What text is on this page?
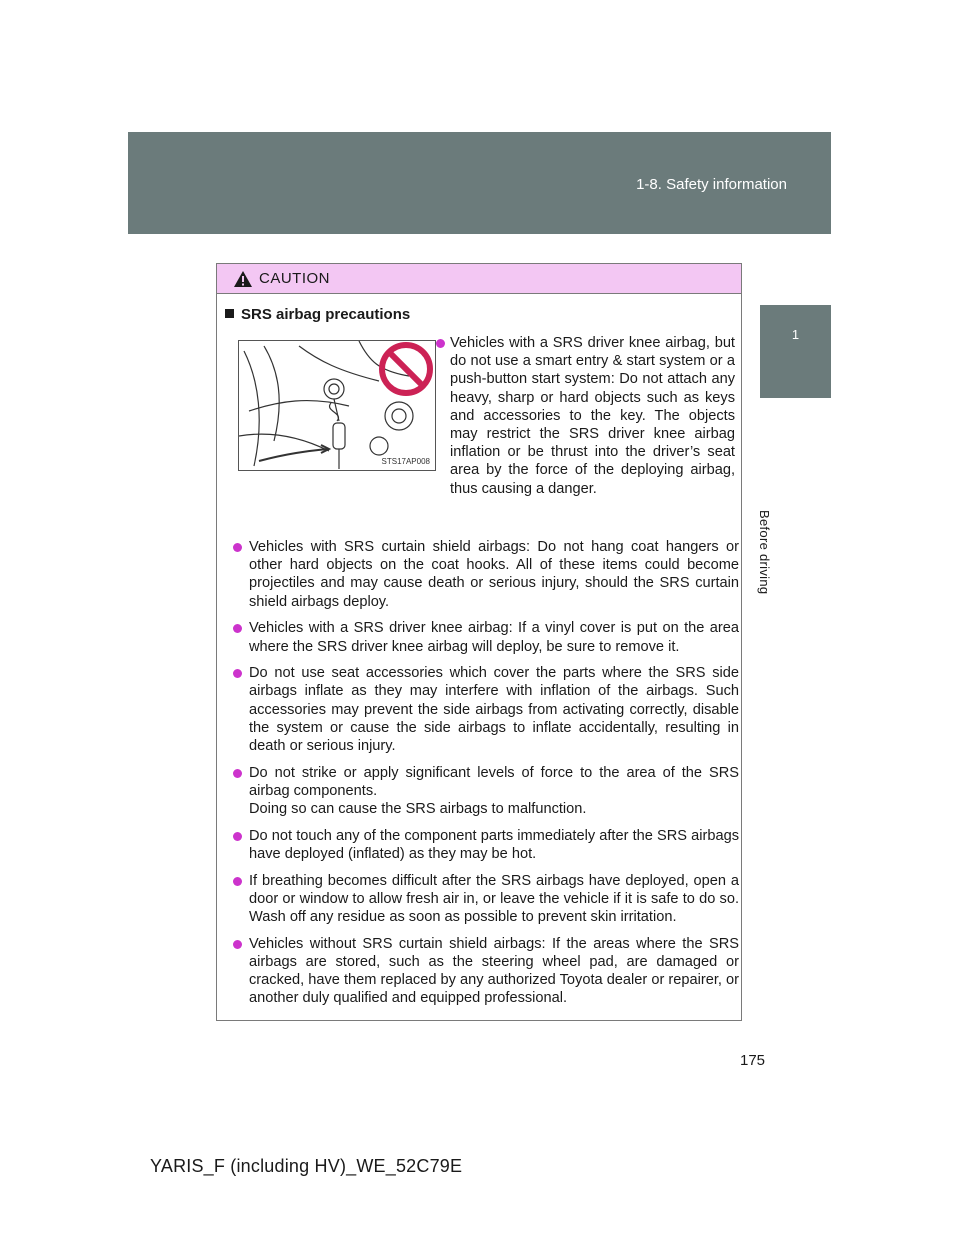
1-8. Safety information
1
Before driving
CAUTION
SRS airbag precautions
STS17AP008
Vehicles with a SRS driver knee airbag, but do not use a smart entry & start system or a push-button start system: Do not attach any heavy, sharp or hard objects such as keys and accessories to the key. The objects may restrict the SRS driver knee airbag inflation or be thrust into the driver’s seat area by the force of the deploying airbag, thus causing a danger.
Vehicles with SRS curtain shield airbags: Do not hang coat hangers or other hard objects on the coat hooks. All of these items could become projectiles and may cause death or serious injury, should the SRS curtain shield airbags deploy.
Vehicles with a SRS driver knee airbag: If a vinyl cover is put on the area where the SRS driver knee airbag will deploy, be sure to remove it.
Do not use seat accessories which cover the parts where the SRS side airbags inflate as they may interfere with inflation of the airbags. Such accessories may prevent the side airbags from activating correctly, disable the system or cause the side airbags to inflate accidentally, resulting in death or serious injury.
Do not strike or apply significant levels of force to the area of the SRS airbag components.
Doing so can cause the SRS airbags to malfunction.
Do not touch any of the component parts immediately after the SRS airbags have deployed (inflated) as they may be hot.
If breathing becomes difficult after the SRS airbags have deployed, open a door or window to allow fresh air in, or leave the vehicle if it is safe to do so. Wash off any residue as soon as possible to prevent skin irritation.
Vehicles without SRS curtain shield airbags: If the areas where the SRS airbags are stored, such as the steering wheel pad, are damaged or cracked, have them replaced by any authorized Toyota dealer or repairer, or another duly qualified and equipped professional.
175
YARIS_F (including HV)_WE_52C79E
